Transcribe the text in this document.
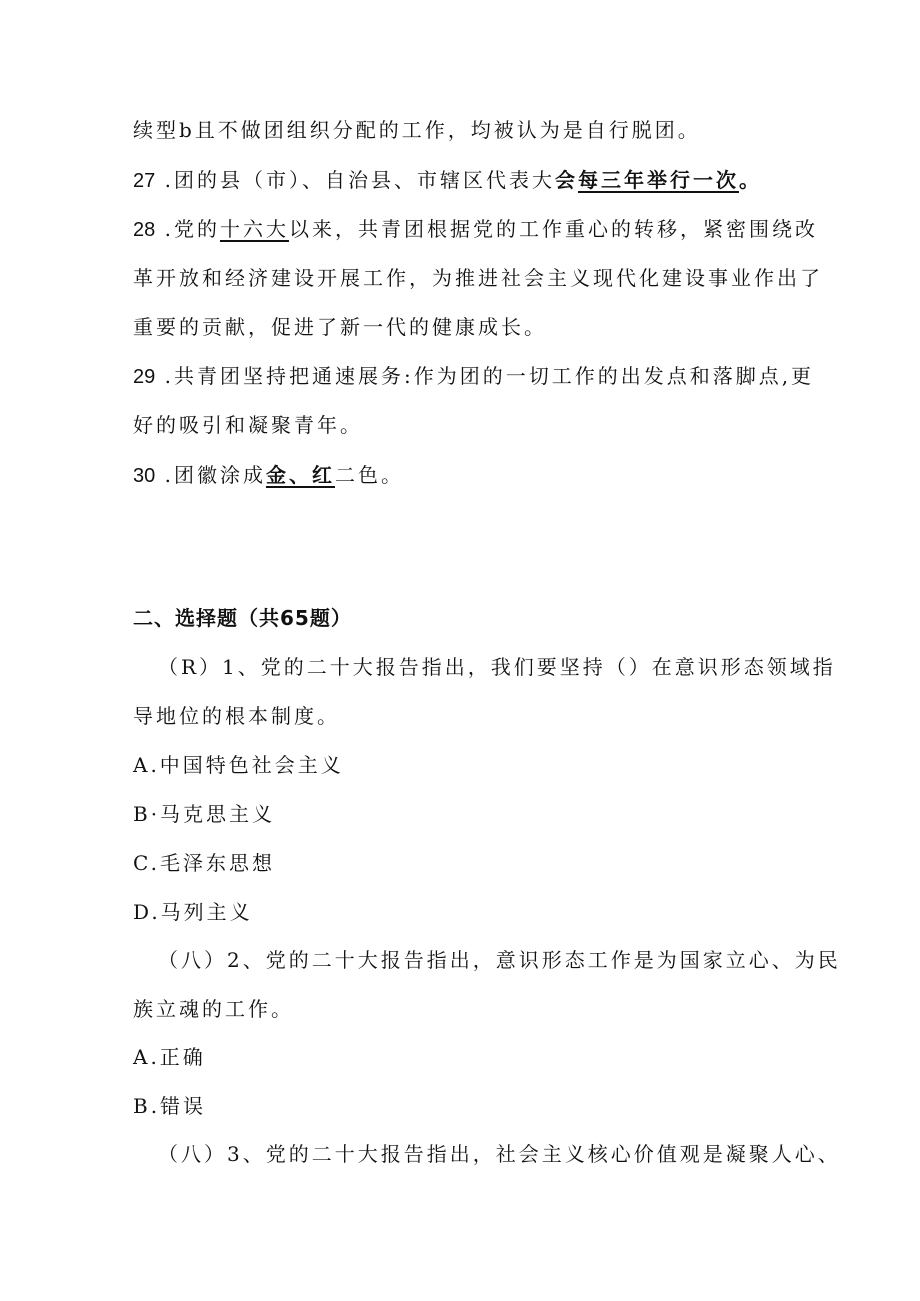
续型b且不做团组织分配的工作，均被认为是自行脱团。
27 .团的县（市）、自治县、市辖区代表大会每三年举行一次。
28 .党的十六大以来，共青团根据党的工作重心的转移，紧密围绕改
革开放和经济建设开展工作，为推进社会主义现代化建设事业作出了
重要的贡献，促进了新一代的健康成长。
29 .共青团坚持把通速展务:作为团的一切工作的出发点和落脚点,更
好的吸引和凝聚青年。
30 .团徽涂成金、红二色。
二、选择题（共65题）
（R）1、党的二十大报告指出，我们要坚持（）在意识形态领域指
导地位的根本制度。
A.中国特色社会主义
B·马克思主义
C.毛泽东思想
D.马列主义
（八）2、党的二十大报告指出，意识形态工作是为国家立心、为民
族立魂的工作。
A.正确
B.错误
（八）3、党的二十大报告指出，社会主义核心价值观是凝聚人心、
